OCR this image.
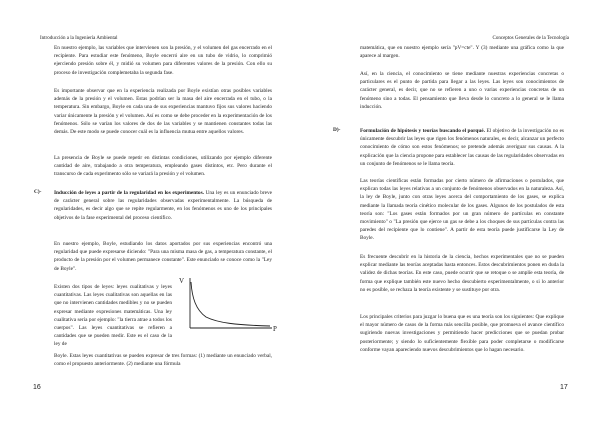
Introducción a la Ingeniería Ambiental

En nuestro ejemplo, las variables que intervienen son la presión, y el volumen del gas encerrado en el recipiente. Para estudiar este fenómeno, Boyle encerró aire en un tubo de vidrio, lo comprimió ejerciendo presión sobre él, y midió su volumen para diferentes valores de la presión. Con ello su proceso de investigación complemetaba la segunda fase.

Es importante observar que en la experiencia realizada por Boyle existían otras posibles variables además de la presión y el volumen. Estas podrían ser la masa del aire encerrada en el tubo, o la temperatura. Sin embargo, Boyle en cada una de sus experiencias mantuvo fijos sus valores haciendo variar únicamente la presión y el volumen. Así es como se debe proceder en la experimentación de los fenómenos. Sólo se varían los valores de dos de las variables y se mantienen constantes todas las demás. De este modo se puede conocer cuál es la influencia mutua entre aquellos valores.

La presencia de Boyle se puede repetir en distintas condiciones, utilizando por ejemplo diferente cantidad de aire, trabajando a otra temperatura, empleando gases distintos, etc. Pero durante el transcurso de cada experimento sólo se variará la presión y el volumen.

C)- Inducción de leyes a partir de la regularidad en los experimentos. Una ley es un enunciado breve de carácter general sobre las regularidades observadas experimentalmente. La búsqueda de regularidades, es decir algo que se repite regularmente, en los fenómenos es uno de los principales objetivos de la fase experimental del proceso científico.

En nuestro ejemplo, Boyle, estudiando los datos aportados por sus experiencias encontró una regularidad que puede expresarse diciendo: "Para una misma masa de gas, a temperatura constante, el producto de la presión por el volumen permanece constante". Este enunciado se conoce como la "Ley de Boyle".

Existen dos tipos de leyes: leyes cualitativas y leyes cuantitativas. Las leyes cualitativas son aquellas en las que no intervienen cantidades medibles y no se pueden expresar mediante expresiones matemáticas. Una ley cualitativa sería por ejemplo: "la tierra atrae a todos los cuerpos". Las leyes cuantitativas se refieren a cantidades que se pueden medir. Este es el caso de la ley de

Boyle. Estas leyes cuantitativas se pueden expresar de tres formas: (1) mediante un enunciado verbal, como el propuesto anteriormente. (2) mediante una fórmula

V
P
16
Conceptos Generales de la Tecnología

matemática, que en nuestro ejemplo sería "pV=cte". Y (3) mediante una gráfica como la que aparece al margen.

Así, en la ciencia, el conocimiento se tiene mediante nuestras experiencias concretas o particulares es el punto de partida para llegar a las leyes. Las leyes son conocimientos de carácter general, es decir, que no se refieren a uno o varias experiencias concretas de un fenómeno sino a todas. El pensamiento que lleva desde lo concreto a lo general se le llama inducción.

D)-	Formulación de hipótesis y teorías buscando el porqué. El objetivo de la investigación no es únicamente descubrir las leyes que rigen los fenómenos naturales, es decir, alcanzar un perfecto conocimiento de cómo son estos fenómenos; se pretende además averiguar sus causas. A la explicación que la ciencia propone para establecer las causas de las regularidades observadas en un conjunto de fenómenos se le llama teoría.

Las teorías científicas están formadas por cierto número de afirmaciones o postulados, que explican todas las leyes relativas a un conjunto de fenómenos observados en la naturaleza. Así, la ley de Boyle, junto con otras leyes acerca del comportamiento de los gases, se explica mediante la llamada teoría cinético molecular de los gases. Algunos de los postulados de esta teoría son: "Los gases están formados por un gran número de partículas en constante movimiento" o "La presión que ejerce un gas se debe a los choques de sus partículas contra las paredes del recipiente que lo contiene". A partir de esta teoría puede justificarse la Ley de Boyle.

Es frecuente descubrir en la historia de la ciencia, hechos experimentales que no se pueden explicar mediante las teorías aceptadas hasta entonces. Estos descubrimientos ponen en duda la validez de dichas teorías. En este caso, puede ocurrir que se retoque o se amplíe esta teoría, de forma que explique también este nuevo hecho descubierto experimentalmente, o si lo anterior no es posible, se rechaza la teoría existente y se sustituye por otra.

Los principales criterios para juzgar lo buena que es una teoría son los siguientes: Que explique el mayor número de casos de la forma más sencilla posible, que promueva el avance científico sugiriendo nuevas investigaciones y permitiendo hacer predicciones que se puedan probar posteriormente; y siendo lo suficientemente flexible para poder completarse o modificarse conforme vayan apareciendo nuevos descubrimientos que lo hagan necesario.

17
